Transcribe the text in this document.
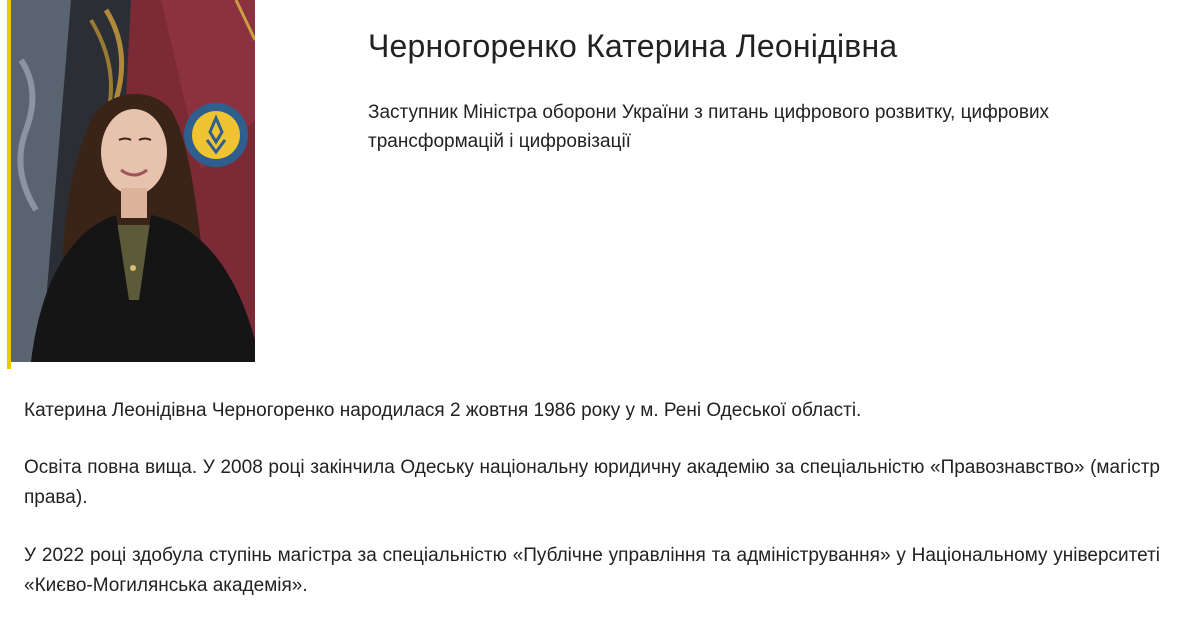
Черногоренко Катерина Леонідівна
Заступник Міністра оборони України з питань цифрового розвитку, цифрових
трансформацій і цифровізації

Катерина Леонідівна Черногоренко народилася 2 жовтня 1986 року у м. Рені Одеської області.

Освіта повна вища. У 2008 році закінчила Одеську національну юридичну академію за спеціальністю «Правознавство» (магістр права).

У 2022 році здобула ступінь магістра за спеціальністю «Публічне управління та адміністрування» у Національному університеті «Києво-Могилянська академія».
